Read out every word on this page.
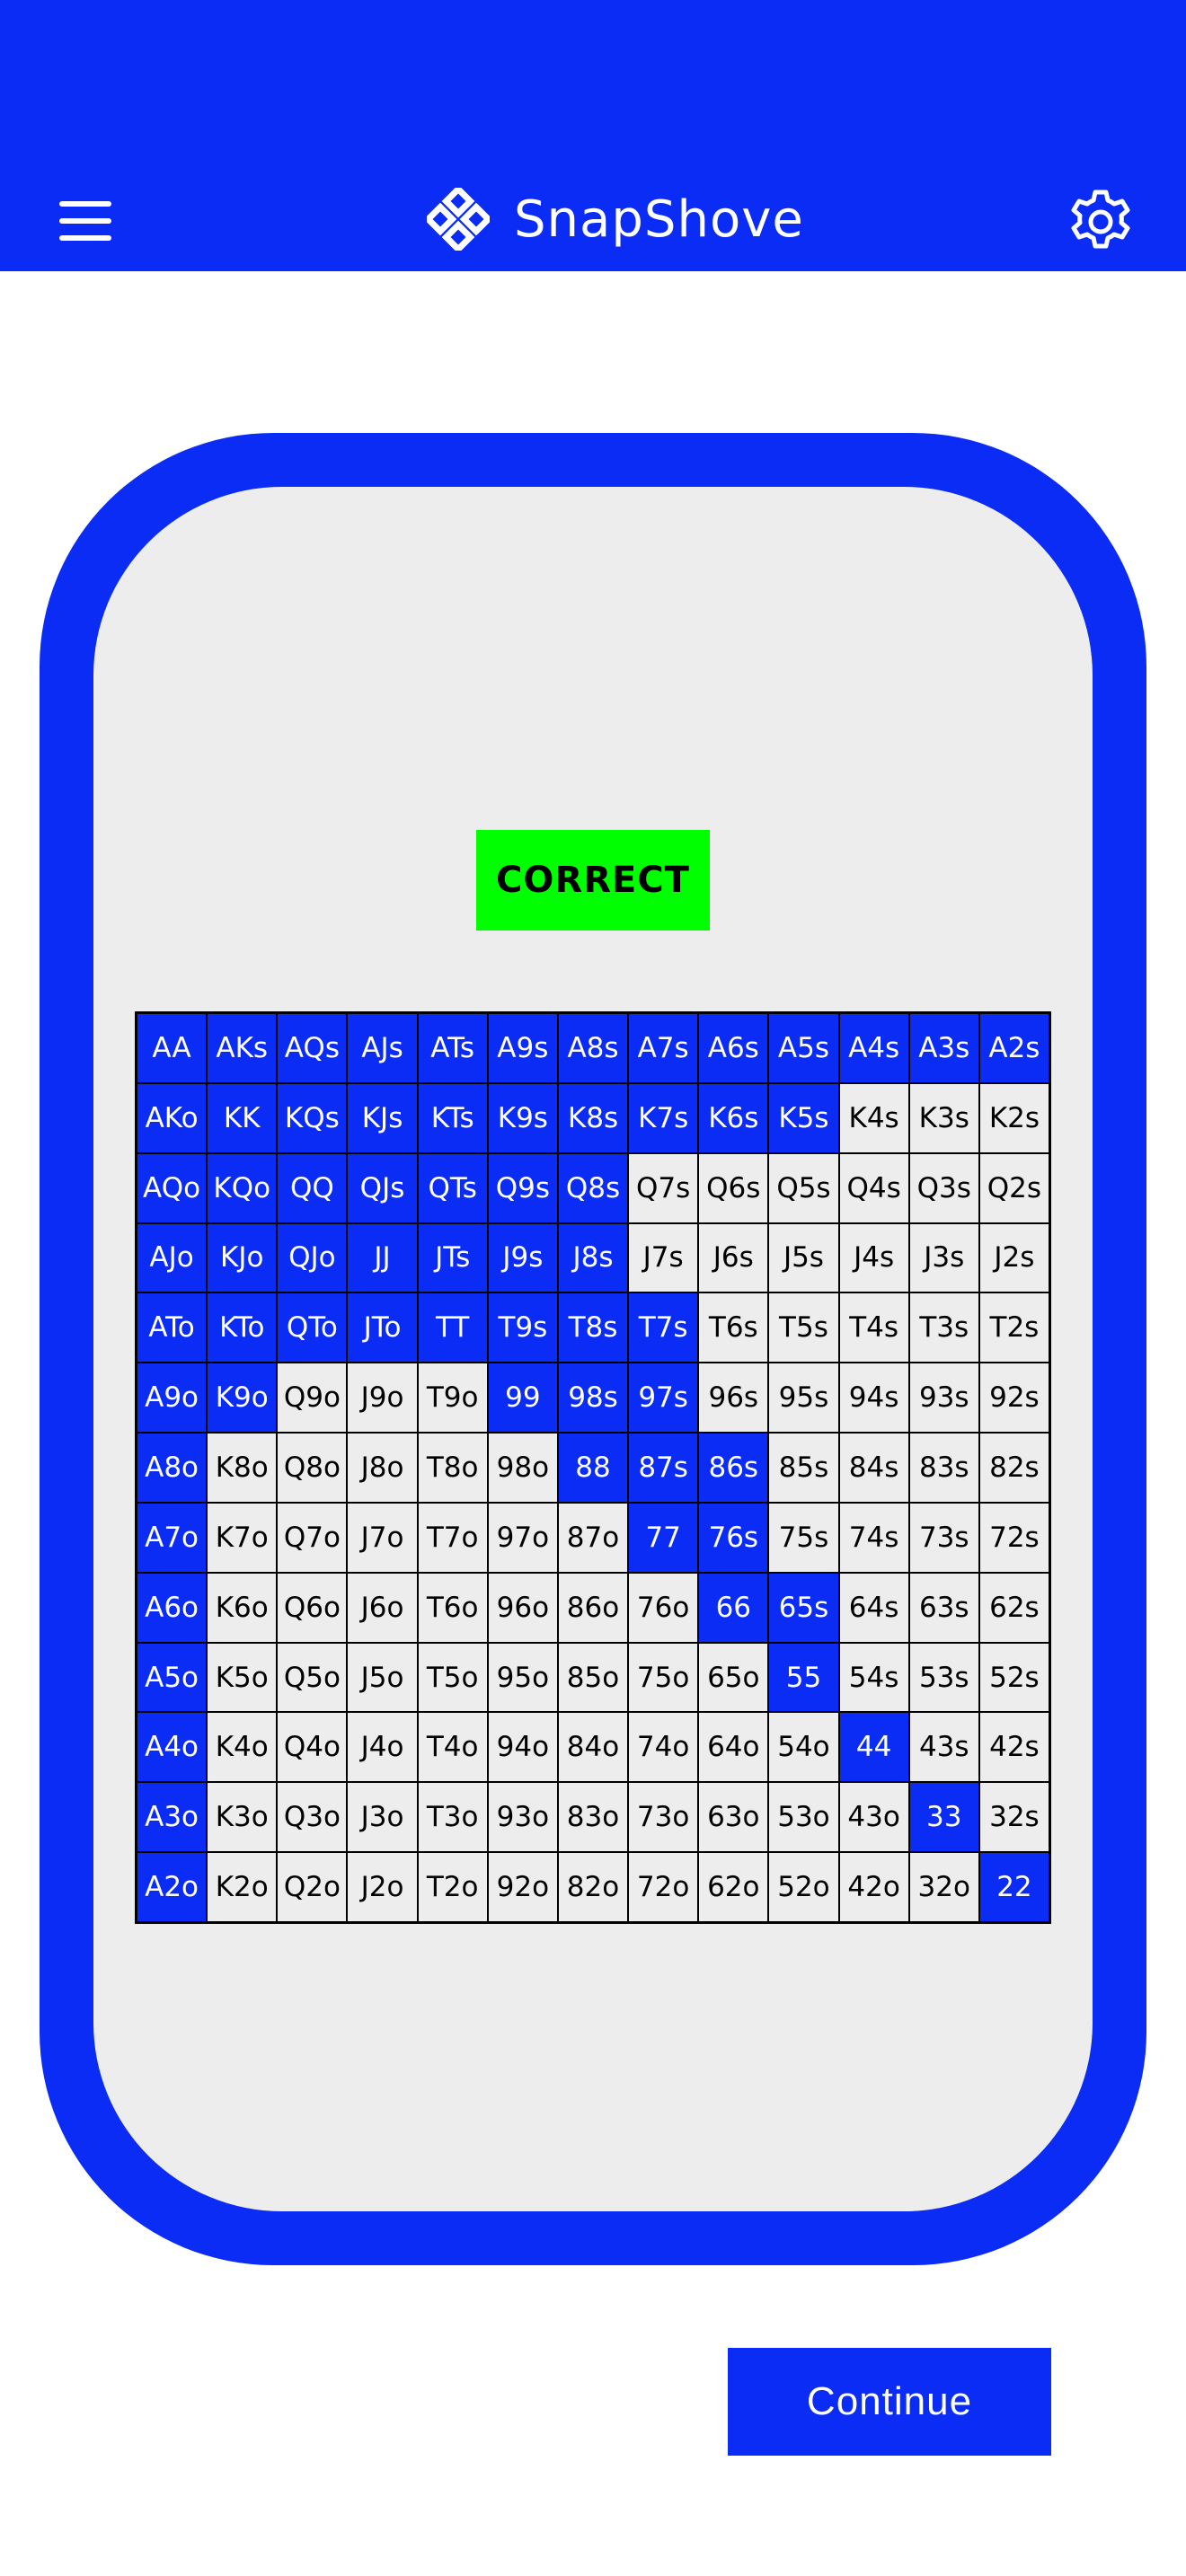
SnapShove
CORRECT
AA AKs AQs AJs ATs A9s A8s A7s A6s A5s A4s A3s A2s
AKo KK KQs KJs	KTs K9s K8s K7s K6s K5s K4s K3s K2s
AQo KQo QQ QJs QTs Q9s Q8s Q7s Q6s Q5s Q4s Q3s Q2s
AJo KJo QJo	JJ	JTs	J9s	J8s	J7s	J6s	J5s	J4s	J3s	J2s
ATo KTo QTo JTo	TT	T9s T8s T7s T6s T5s T4s T3s T2s
A9o K9o Q9o J9o T9o 99 98s 97s 96s 95s 94s 93s 92s
A8o K8o Q8o J8o T8o 98o 88 87s 86s 85s 84s 83s 82s
A7o K7o Q7o J7o T7o 97o 87o 77 76s 75s 74s 73s 72s
A6o K6o Q6o J6o T6o 96o 86o 76o 66 65s 64s 63s 62s
A5o K5o Q5o J5o T5o 95o 85o 75o 65o 55 54s 53s 52s
A4o K4o Q4o J4o T4o 94o 84o 74o 64o 54o 44 43s 42s
A3o K3o Q3o J3o T3o 93o 83o 73o 63o 53o 43o 33 32s
A2o K2o Q2o J2o T2o 92o 82o 72o 62o 52o 42o 32o 22
Continue
